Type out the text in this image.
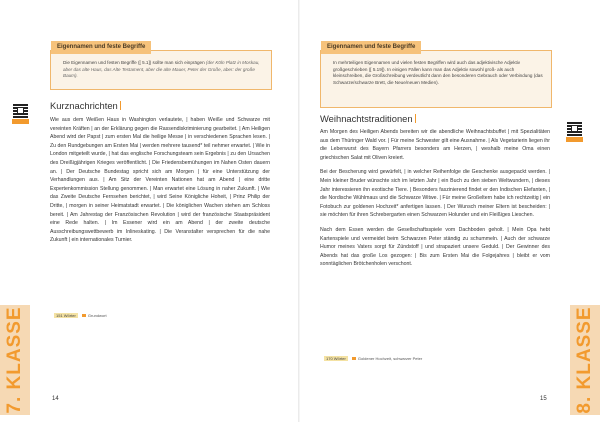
Eigennamen und feste Begriffe
Die Eigennamen und festen Begriffe ([ 5.1]) sollte man sich einprägen (der Köln Platz in Moskau, aber das alte Haus, das Alte Testament, aber die alte Mauer, Peter der Große, aber: der große Baum).
Kurznachrichten

Wie aus dem Weißen Haus in Washington verlautete, | haben Weiße und Schwarze mit vereinten Kräften | an der Erklärung gegen die Rassendiskriminierung gearbeitet. | Am Heiligen Abend wird der Papst | zum ersten Mal die heilige Messe | in verschiedenen Sprachen lesen. | Zu den Rundgebungen am Ersten Mai | werden mehrere tausend* teil nehmer erwartet. | Wie in London mitgeteilt wurde, | hat das englische Forschungsteam sein Ergebnis | zu den Ursachen des Dreißigjährigen Krieges veröffentlicht. | Die Friedensbemühungen im Nahen Osten dauern an. | Der Deutsche Bundestag spricht sich am Morgen | für eine Unterstützung der Verhandlungen aus. | Am Sitz der Vereinten Nationen hat am Abend | eine dritte Expertenkommission Stellung genommen. | Man erwartet eine Lösung in naher Zukunft. | Wie das Zweite Deutsche Fernsehen berichtet, | wird Seine Königliche Hoheit, | Prinz Philip der Dritte, | morgen in seiner Heimatstadt erwartet. | Die königlichen Wachen stehen am Schloss bereit. | Am Jahrestag der Französischen Revolution | wird der französische Staatspräsident eine Rede halten. | Im Essener wird ein am Abend | der zweite deutsche Ausschreibungswettbewerb im Inlineskating. | Die Veranstalter versprechen für die nahe Zukunft | ein internationales Turnier.

151 Wörter	Grundwort
7. KLASSE	14
Eigennamen und feste Begriffe
In mehrteiligen Eigennamen und vielen festen Begriffen wird auch das adjektivische Adjektiv großgeschrieben ([ 5.19]). In einigen Fällen kann man das Adjektiv sowohl groß- als auch kleinschreiben, die Großschreibung verdeutlicht dann den besonderen Gebrauch oder Verbindung (das Schwarze/schwarze Brett, die Neue/neuen Medien).
Weihnachtstraditionen

Am Morgen des Heiligen Abends bereiten wir die abendliche Weihnachtsbuffet | mit Spezialitäten aus dem Thüringer Wald vor. | Für meine Schwester gilt eine Ausnahme. | Als Vegetarierin liegen ihr die Leberwurst des Bayern Pfarrers besonders am Herzen, | weshalb meine Oma einen griechischen Salat mit Oliven kreiert.

Bei der Bescherung wird gewürfelt, | in welcher Reihenfolge die Geschenke ausgepackt werden. | Mein kleiner Bruder wünschte sich im letzten Jahr | ein Buch zu den sieben Weltwundern, | dieses Jahr interessieren ihn exotische Tiere. | Besonders faszinierend findet er den Indischen Elefanten, | die Nordische Wühlmaus und die Schwarze Witwe. | Für meine Großeltern habe ich rechtzeitig | ein Fotobuch zur goldenen Hochzeit* anfertigen lassen. | Der Wunsch meiner Eltern ist bescheiden: | sie möchten für ihren Schrebergarten einen Schwarzen Holunder und ein Fleißiges Lieschen.

Nach dem Essen werden die Gesellschaftsspiele vom Dachboden geholt. | Mein Opa hebt Kartenspiele und vermeidet beim Schwarzen Peter ständig zu schummeln. | Auch der schwarze Humor meines Vaters sorgt für Zündstoff | und strapaziert unsere Geduld. | Der Gewinner des Abends hat das große Los gezogen: | Bis zum Ersten Mai die Folgejahres | bleibt er vom sonntäglichen Brötchenholen verschont.

170 Wörter	Goldener Hochzeit, schwarzer Peter	8. KLASSE
15
